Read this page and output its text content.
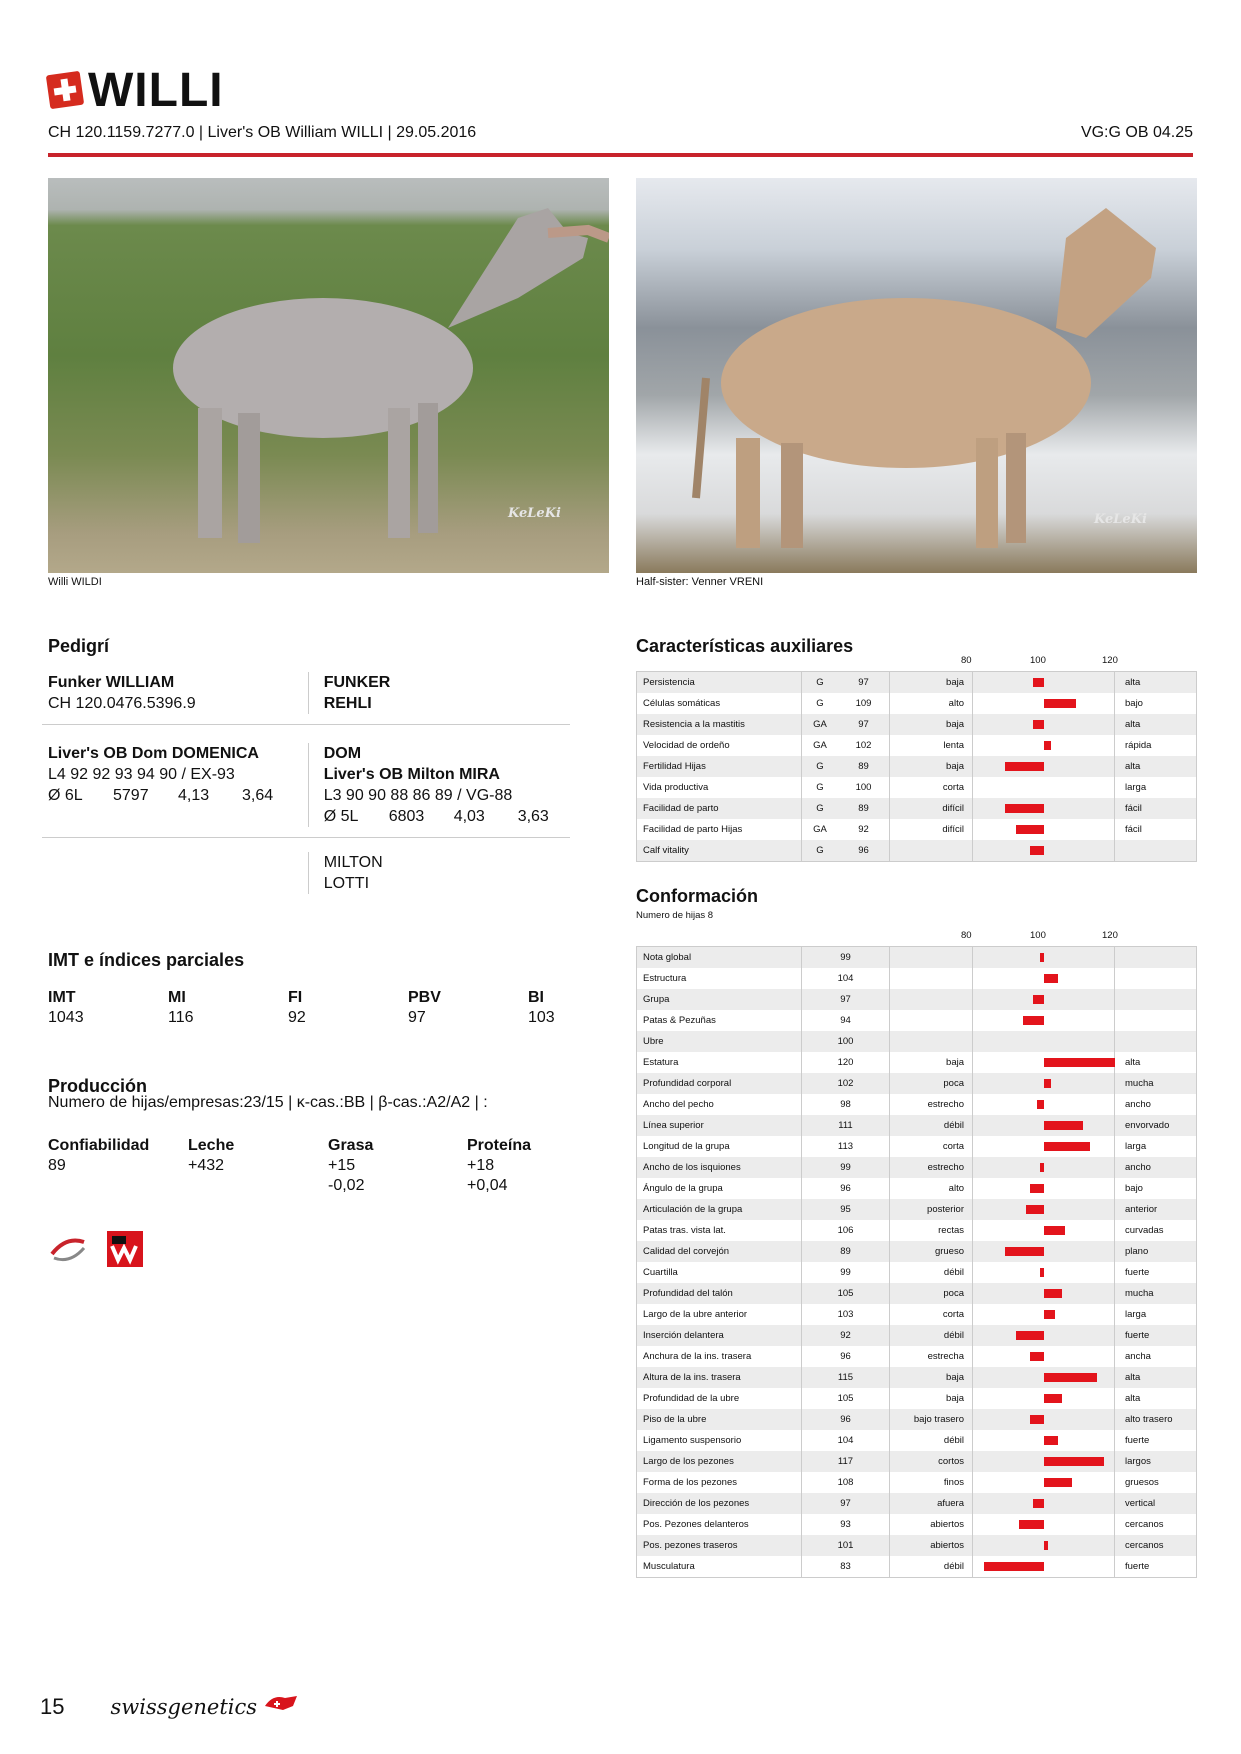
WILLI
CH 120.1159.7277.0 | Liver's OB William WILLI | 29.05.2016	VG:G OB 04.25
KeLeKi	KeLeKi
Willi WILDI	Half-sister: Venner VRENI
Pedigrí
Funker WILLIAM
CH 120.0476.5396.9
FUNKER
REHLI
Liver's OB Dom DOMENICA
L4 92 92 93 94 90 / EX-93
Ø 6L	5797	4,13	3,64
DOM
Liver's OB Milton MIRA
L3 90 90 88 86 89 / VG-88
Ø 5L	6803	4,03	3,63
MILTON
LOTTI
IMT e índices parciales
IMT
1043
MI
116
FI
92
PBV
97
BI
103
Producción
Numero de hijas/empresas:23/15 | κ-cas.:BB | β-cas.:A2/A2 | :
Confiabilidad
89
Leche
+432
Grasa
+15
-0,02
Proteína
+18
+0,04
Características auxiliares
80	100	120
Persistencia	G	97	baja	alta
Células somáticas	G	109	alto	bajo
Resistencia a la mastitis	GA	97	baja	alta
Velocidad de ordeño	GA	102	lenta	rápida
Fertilidad Hijas	G	89	baja	alta
Vida productiva	G	100	corta	larga
Facilidad de parto	G	89	difícil	fácil
Facilidad de parto Hijas	GA	92	difícil	fácil
Calf vitality	G	96
Conformación
Numero de hijas 8
80	100	120
Nota global	99
Estructura	104
Grupa	97
Patas & Pezuñas	94
Ubre	100
Estatura	120	baja	alta
Profundidad corporal	102	poca	mucha
Ancho del pecho	98	estrecho	ancho
Línea superior	111	débil	envorvado
Longitud de la grupa	113	corta	larga
Ancho de los isquiones	99	estrecho	ancho
Ángulo de la grupa	96	alto	bajo
Articulación de la grupa	95	posterior	anterior
Patas tras. vista lat.	106	rectas	curvadas
Calidad del corvejón	89	grueso	plano
Cuartilla	99	débil	fuerte
Profundidad del talón	105	poca	mucha
Largo de la ubre anterior	103	corta	larga
Inserción delantera	92	débil	fuerte
Anchura de la ins. trasera	96	estrecha	ancha
Altura de la ins. trasera	115	baja	alta
Profundidad de la ubre	105	baja	alta
Piso de la ubre	96	bajo trasero	alto trasero
Ligamento suspensorio	104	débil	fuerte
Largo de los pezones	117	cortos	largos
Forma de los pezones	108	finos	gruesos
Dirección de los pezones	97	afuera	vertical
Pos. Pezones delanteros	93	abiertos	cercanos
Pos. pezones traseros	101	abiertos	cercanos
Musculatura	83	débil	fuerte
15 swissgenetics
